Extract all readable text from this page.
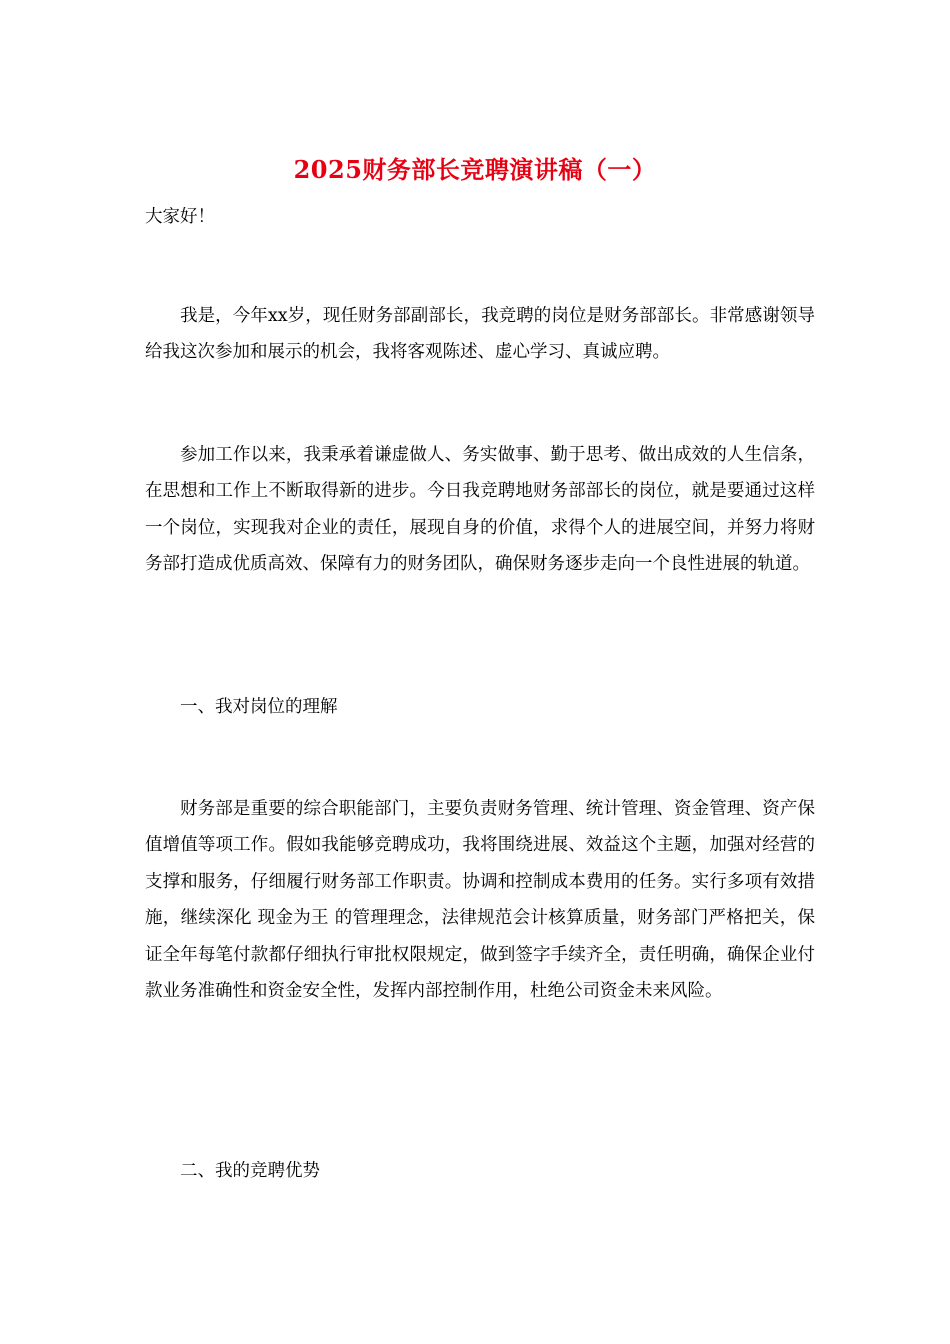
2025财务部长竞聘演讲稿（一）

大家好！

我是，今年xx岁，现任财务部副部长，我竞聘的岗位是财务部部长。非常感谢领导给我这次参加和展示的机会，我将客观陈述、虚心学习、真诚应聘。

参加工作以来，我秉承着谦虚做人、务实做事、勤于思考、做出成效的人生信条，在思想和工作上不断取得新的进步。今日我竞聘地财务部部长的岗位，就是要通过这样一个岗位，实现我对企业的责任，展现自身的价值，求得个人的进展空间，并努力将财务部打造成优质高效、保障有力的财务团队，确保财务逐步走向一个良性进展的轨道。

一、我对岗位的理解

财务部是重要的综合职能部门，主要负责财务管理、统计管理、资金管理、资产保值增值等项工作。假如我能够竞聘成功，我将围绕进展、效益这个主题，加强对经营的支撑和服务，仔细履行财务部工作职责。协调和控制成本费用的任务。实行多项有效措施，继续深化 现金为王 的管理理念，法律规范会计核算质量，财务部门严格把关，保证全年每笔付款都仔细执行审批权限规定，做到签字手续齐全，责任明确，确保企业付款业务准确性和资金安全性，发挥内部控制作用，杜绝公司资金未来风险。

二、我的竞聘优势
